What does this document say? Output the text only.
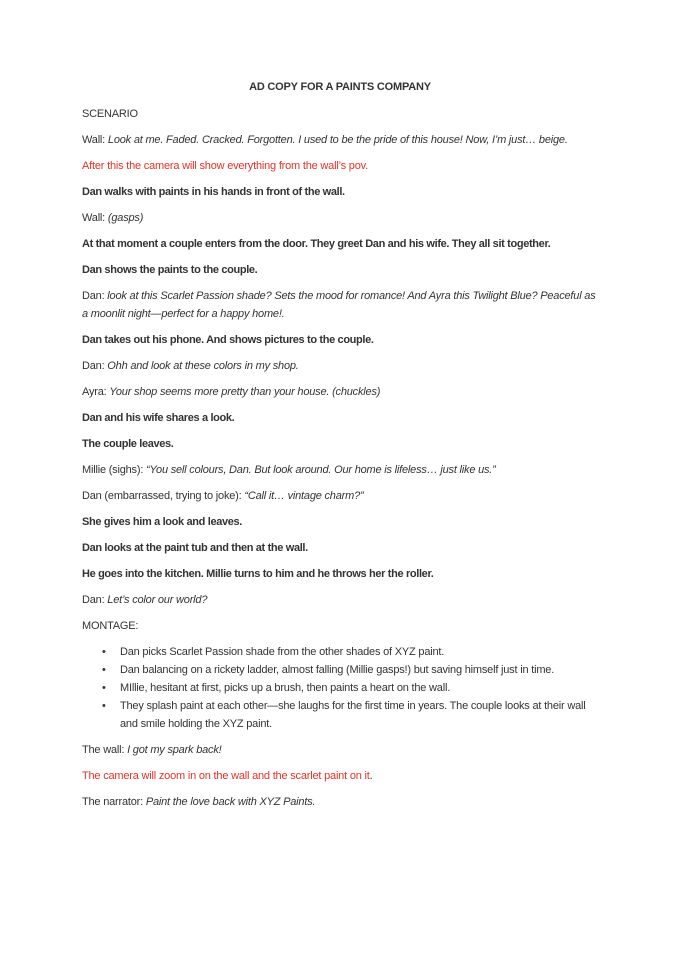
AD COPY FOR A PAINTS COMPANY

SCENARIO

Wall: Look at me. Faded. Cracked. Forgotten. I used to be the pride of this house! Now, I’m just… beige.

After this the camera will show everything from the wall’s pov.

Dan walks with paints in his hands in front of the wall.

Wall: (gasps)

At that moment a couple enters from the door. They greet Dan and his wife. They all sit together.

Dan shows the paints to the couple.

Dan: look at this Scarlet Passion shade? Sets the mood for romance! And Ayra this Twilight Blue? Peaceful as a moonlit night—perfect for a happy home!.

Dan takes out his phone. And shows pictures to the couple.

Dan: Ohh and look at these colors in my shop.

Ayra: Your shop seems more pretty than your house. (chuckles)

Dan and his wife shares a look.

The couple leaves.

Millie (sighs): “You sell colours, Dan. But look around. Our home is lifeless… just like us.”

Dan (embarrassed, trying to joke): “Call it… vintage charm?”

She gives him a look and leaves.

Dan looks at the paint tub and then at the wall.

He goes into the kitchen. Millie turns to him and he throws her the roller.

Dan: Let’s color our world?

MONTAGE:

• Dan picks Scarlet Passion shade from the other shades of XYZ paint.
• Dan balancing on a rickety ladder, almost falling (Millie gasps!) but saving himself just in time.
• MIllie, hesitant at first, picks up a brush, then paints a heart on the wall.
• They splash paint at each other—she laughs for the first time in years. The couple looks at their wall and smile holding the XYZ paint.

The wall: I got my spark back!

The camera will zoom in on the wall and the scarlet paint on it.

The narrator: Paint the love back with XYZ Paints.
